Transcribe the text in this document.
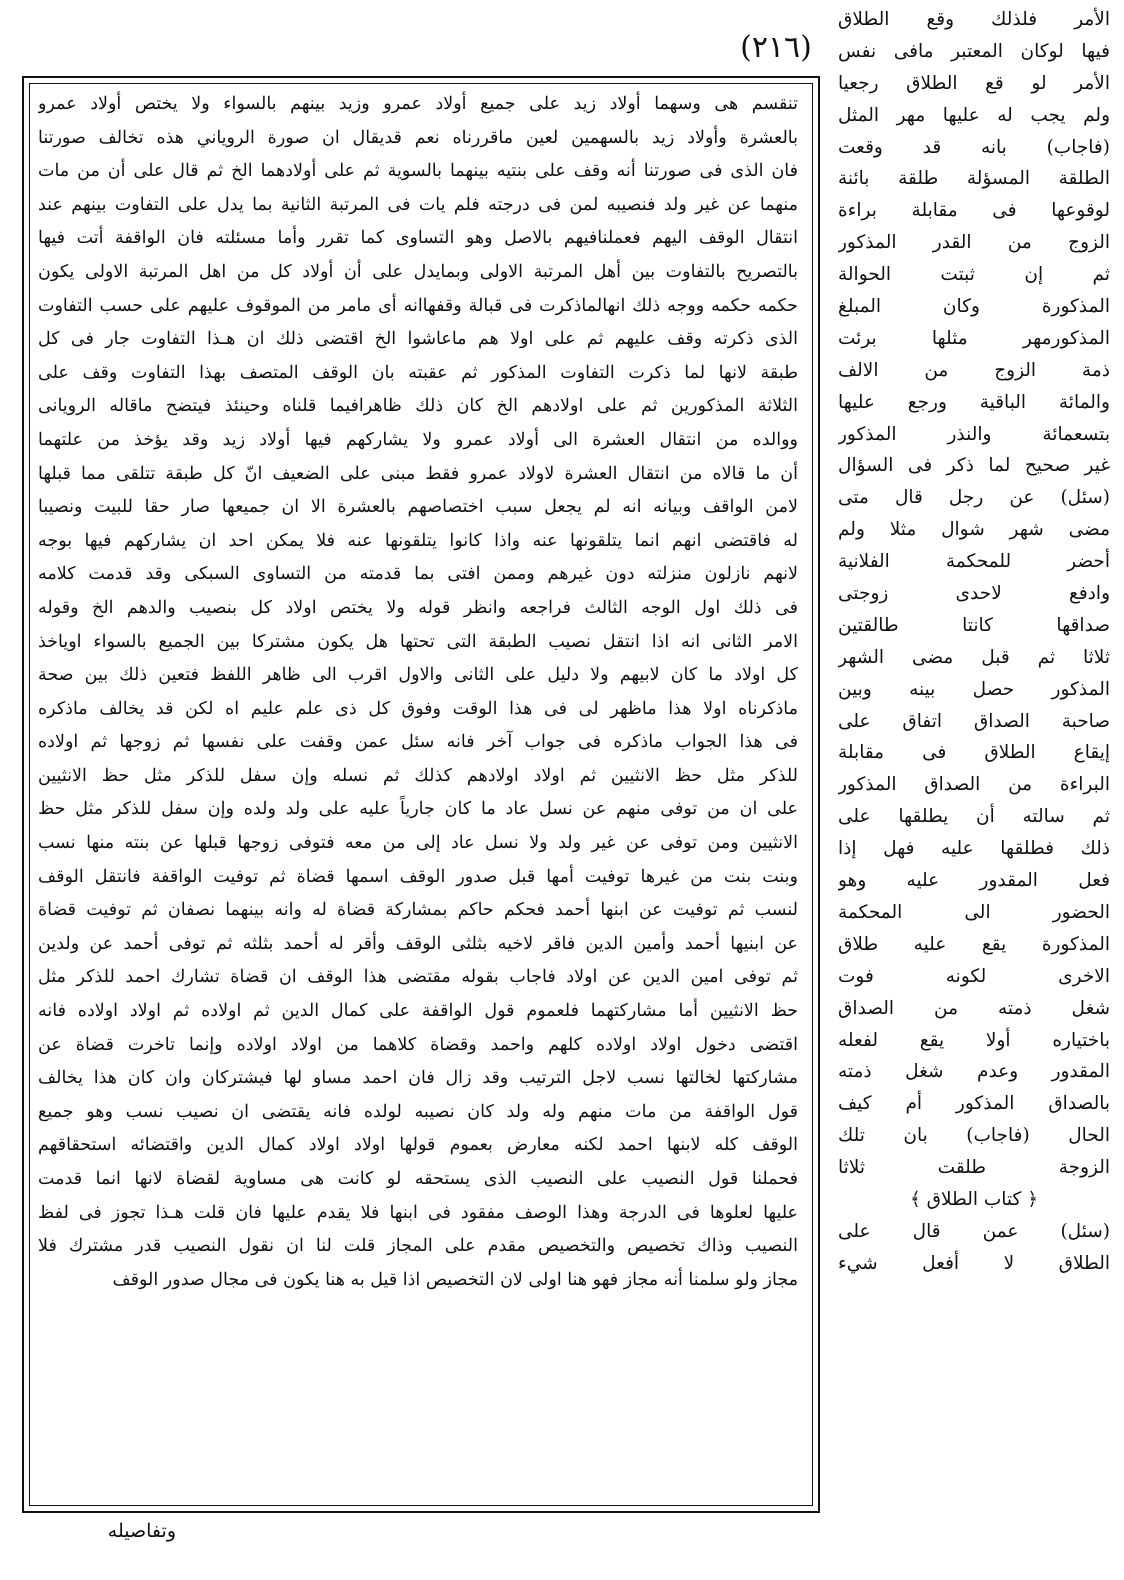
(٢١٦)
تنقسم هى وسهما أولاد زيد على جميع أولاد عمرو وزيد بينهم بالسواء ولا يختص أولاد عمرو
بالعشرة وأولاد زيد بالسهمين لعين ماقررناه نعم قديقال ان صورة الروياني هذه تخالف صورتنا
فان الذى فى صورتنا أنه وقف على بنتيه بينهما بالسوية ثم على أولادهما الخ ثم قال على أن من مات
منهما عن غير ولد فنصيبه لمن فى درجته فلم يات فى المرتبة الثانية بما يدل على التفاوت بينهم عند
انتقال الوقف اليهم فعملنافيهم بالاصل وهو التساوى كما تقرر وأما مسئلته فان الواقفة أتت فيها
بالتصريح بالتفاوت بين أهل المرتبة الاولى وبمايدل على أن أولاد كل من اهل المرتبة الاولى يكون
حكمه حكمه ووجه ذلك انهالماذكرت فى قبالة وقفهاانه أى مامر من الموقوف عليهم على حسب التفاوت
الذى ذكرته وقف عليهم ثم على اولا هم ماعاشوا الخ اقتضى ذلك ان هـذا التفاوت جار فى كل
طبقة لانها لما ذكرت التفاوت المذكور ثم عقبته بان الوقف المتصف بهذا التفاوت وقف على
الثلاثة المذكورين ثم على اولادهم الخ كان ذلك ظاهرافيما قلناه وحينئذ فيتضح ماقاله الرويانى
ووالده من انتقال العشرة الى أولاد عمرو ولا يشاركهم فيها أولاد زيد وقد يؤخذ من علتهما
أن ما قالاه من انتقال العشرة لاولاد عمرو فقط مبنى على الضعيف انّ كل طبقة تتلقى مما قبلها
لامن الواقف وبيانه انه لم يجعل سبب اختصاصهم بالعشرة الا ان جميعها صار حقا للبيت ونصيبا
له فاقتضى انهم انما يتلقونها عنه واذا كانوا يتلقونها عنه فلا يمكن احد ان يشاركهم فيها بوجه
لانهم نازلون منزلته دون غيرهم وممن افتى بما قدمته من التساوى السبكى وقد قدمت كلامه
فى ذلك اول الوجه الثالث فراجعه وانظر قوله ولا يختص اولاد كل بنصيب والدهم الخ وقوله
الامر الثانى انه اذا انتقل نصيب الطبقة التى تحتها هل يكون مشتركا بين الجميع بالسواء اوياخذ
كل اولاد ما كان لابيهم ولا دليل على الثانى والاول اقرب الى ظاهر اللفظ فتعين ذلك بين صحة
ماذكرناه اولا هذا ماظهر لى فى هذا الوقت وفوق كل ذى علم عليم اه لكن قد يخالف ماذكره
فى هذا الجواب ماذكره فى جواب آخر فانه سئل عمن وقفت على نفسها ثم زوجها ثم اولاده
للذكر مثل حظ الانثيين ثم اولاد اولادهم كذلك ثم نسله وإن سفل للذكر مثل حظ الانثيين
على ان من توفى منهم عن نسل عاد ما كان جارياً عليه على ولد ولده وإن سفل للذكر مثل حظ
الانثيين ومن توفى عن غير ولد ولا نسل عاد إلى من معه فتوفى زوجها قبلها عن بنته منها نسب
وبنت بنت من غيرها توفيت أمها قبل صدور الوقف اسمها قضاة ثم توفيت الواقفة فانتقل الوقف
لنسب ثم توفيت عن ابنها أحمد فحكم حاكم بمشاركة قضاة له وانه بينهما نصفان ثم توفيت قضاة
عن ابنيها أحمد وأمين الدين فاقر لاخيه بثلثى الوقف وأقر له أحمد بثلثه ثم توفى أحمد عن ولدين
ثم توفى امين الدين عن اولاد فاجاب بقوله مقتضى هذا الوقف ان قضاة تشارك احمد للذكر مثل
حظ الانثيين أما مشاركتهما فلعموم قول الواقفة على كمال الدين ثم اولاده ثم اولاد اولاده فانه
اقتضى دخول اولاد اولاده كلهم واحمد وقضاة كلاهما من اولاد اولاده وإنما تاخرت قضاة عن
مشاركتها لخالتها نسب لاجل الترتيب وقد زال فان احمد مساو لها فيشتركان وان كان هذا يخالف
قول الواقفة من مات منهم وله ولد كان نصيبه لولده فانه يقتضى ان نصيب نسب وهو جميع
الوقف كله لابنها احمد لكنه معارض بعموم قولها اولاد اولاد كمال الدين واقتضائه استحقاقهم
فحملنا قول النصيب على النصيب الذى يستحقه لو كانت هى مساوية لقضاة لانها انما قدمت
عليها لعلوها فى الدرجة وهذا الوصف مفقود فى ابنها فلا يقدم عليها فان قلت هـذا تجوز فى لفظ
النصيب وذاك تخصيص والتخصيص مقدم على المجاز قلت لنا ان نقول النصيب قدر مشترك فلا
مجاز ولو سلمنا أنه مجاز فهو هنا اولى لان التخصيص اذا قيل به هنا يكون فى مجال صدور الوقف
الأمر فلذلك وقع الطلاق
فيها لوكان المعتبر مافى نفس
الأمر لو قع الطلاق رجعيا
ولم يجب له عليها مهر المثل
(فاجاب) بانه قد وقعت
الطلقة المسؤلة طلقة بائنة
لوقوعها فى مقابلة براءة
الزوج من القدر المذكور
ثم إن ثبتت الحوالة
المذكورة وكان المبلغ
المذكورمهر مثلها برئت
ذمة الزوج من الالف
والمائة الباقية ورجع عليها
بتسعمائة والنذر المذكور
غير صحيح لما ذكر فى السؤال
(سئل) عن رجل قال متى
مضى شهر شوال مثلا ولم
أحضر للمحكمة الفلانية
وادفع لاحدى زوجتى
صداقها كانتا طالقتين
ثلاثا ثم قبل مضى الشهر
المذكور حصل بينه وبين
صاحبة الصداق اتفاق على
إيقاع الطلاق فى مقابلة
البراءة من الصداق المذكور
ثم سالته أن يطلقها على
ذلك فطلقها عليه فهل إذا
فعل المقدور عليه وهو
الحضور الى المحكمة
المذكورة يقع عليه طلاق
الاخرى لكونه فوت
شغل ذمته من الصداق
باختياره أولا يقع لفعله
المقدور وعدم شغل ذمته
بالصداق المذكور أم كيف
الحال (فاجاب) بان تلك
الزوجة طلقت ثلاثا
﴿ كتاب الطلاق ﴾
(سئل) عمن قال على
الطلاق لا أفعل شيء
وتفاصيله
